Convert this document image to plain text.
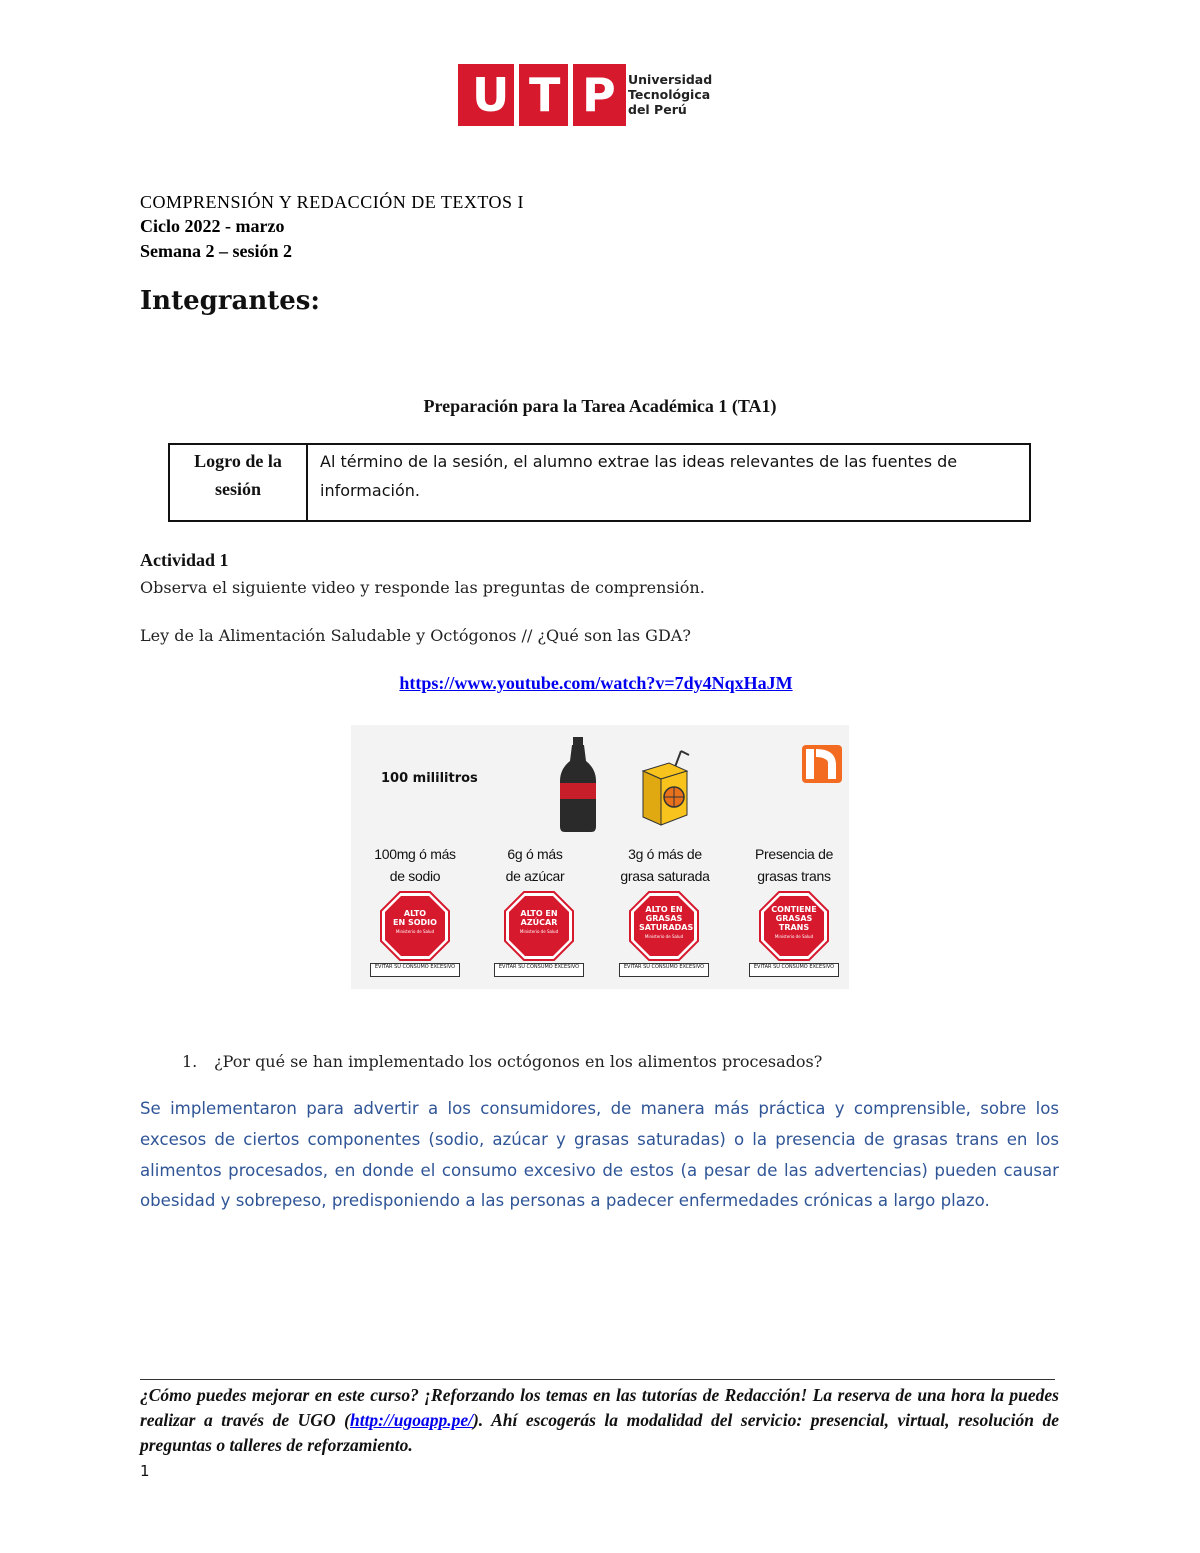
U T P Universidad
Tecnológica
del Perú
COMPRENSIÓN Y REDACCIÓN DE TEXTOS I
Ciclo 2022 - marzo
Semana 2 – sesión 2
Integrantes:
Preparación para la Tarea Académica 1 (TA1)
Logro de la
sesión
Al término de la sesión, el alumno extrae las ideas relevantes de las fuentes de información.
Actividad 1
Observa el siguiente video y responde las preguntas de comprensión.
Ley de la Alimentación Saludable y Octógonos // ¿Qué son las GDA?
https://www.youtube.com/watch?v=7dy4NqxHaJM
100 mililitros
100mg ó más
de sodio
ALTO
EN SODIO
Ministerio de Salud
EVITAR SU CONSUMO EXCESIVO
6g ó más
de azúcar
ALTO EN
AZÚCAR
Ministerio de Salud
EVITAR SU CONSUMO EXCESIVO
3g ó más de
grasa saturada
ALTO EN
GRASAS
SATURADAS
Ministerio de Salud
EVITAR SU CONSUMO EXCESIVO
Presencia de
grasas trans
CONTIENE
GRASAS
TRANS
Ministerio de Salud
EVITAR SU CONSUMO EXCESIVO
1. ¿Por qué se han implementado los octógonos en los alimentos procesados?
Se implementaron para advertir a los consumidores, de manera más práctica y comprensible, sobre los excesos de ciertos componentes (sodio, azúcar y grasas saturadas) o la presencia de grasas trans en los alimentos procesados, en donde el consumo excesivo de estos (a pesar de las advertencias) pueden causar obesidad y sobrepeso, predisponiendo a las personas a padecer enfermedades crónicas a largo plazo.
¿Cómo puedes mejorar en este curso? ¡Reforzando los temas en las tutorías de Redacción! La reserva de una hora la puedes realizar a través de UGO (http://ugoapp.pe/). Ahí escogerás la modalidad del servicio: presencial, virtual, resolución de preguntas o talleres de reforzamiento.
1
